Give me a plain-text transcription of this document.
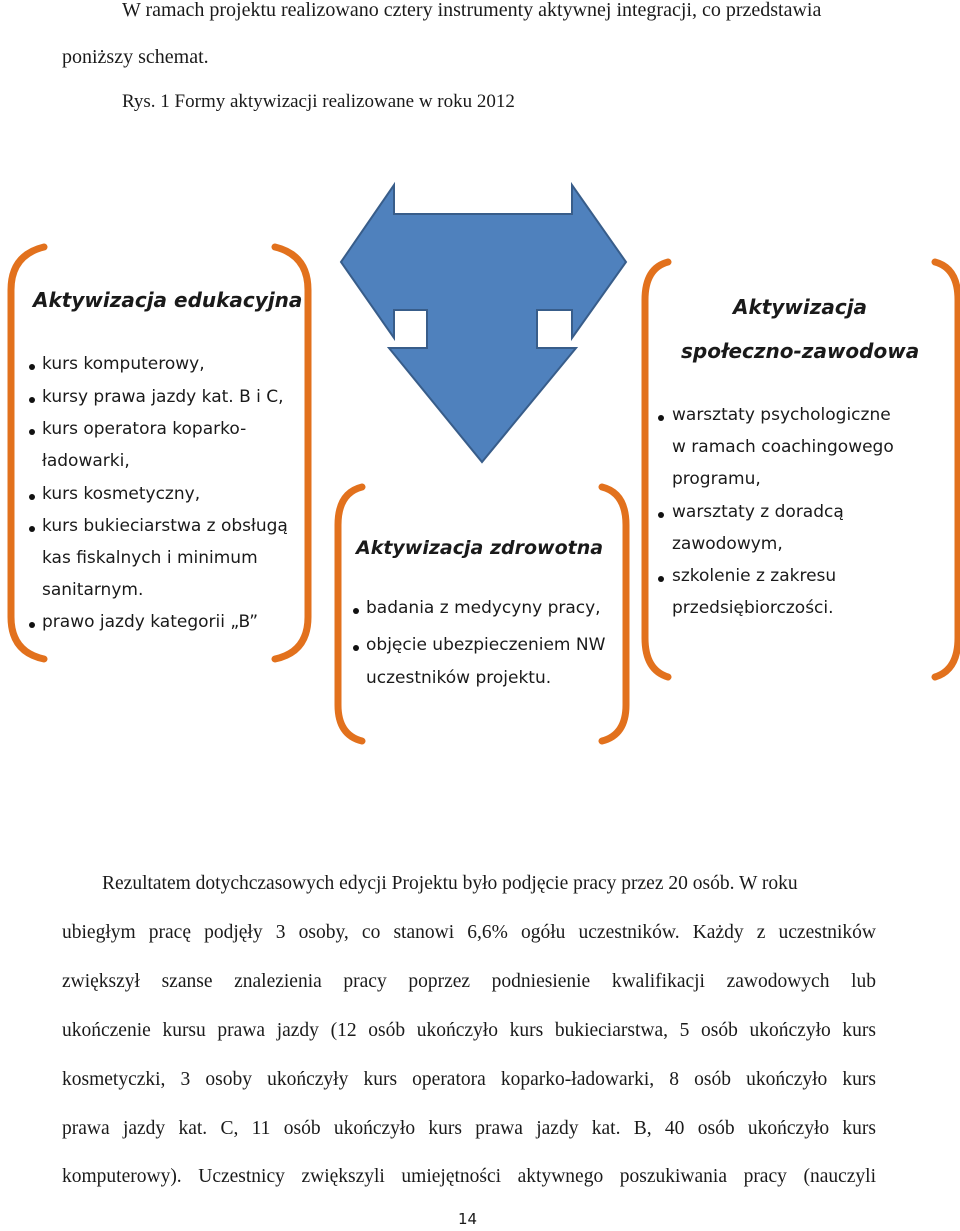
W ramach projektu realizowano cztery instrumenty aktywnej integracji, co przedstawia
poniższy schemat.
Rys. 1 Formy aktywizacji realizowane w roku 2012
Aktywizacja edukacyjna
kurs komputerowy,
kursy prawa jazdy kat. B i C,
kurs operatora koparko-
ładowarki,
kurs kosmetyczny,
kurs bukieciarstwa z obsługą
kas fiskalnych i minimum
sanitarnym.
prawo jazdy kategorii „B”
Aktywizacja zdrowotna
badania z medycyny pracy,
objęcie ubezpieczeniem NW
uczestników projektu.
Aktywizacja
społeczno-zawodowa
warsztaty psychologiczne
w ramach coachingowego
programu,
warsztaty z doradcą
zawodowym,
szkolenie z zakresu
przedsiębiorczości.
Rezultatem dotychczasowych edycji Projektu było podjęcie pracy przez 20 osób. W roku
ubiegłym pracę podjęły 3 osoby, co stanowi 6,6% ogółu uczestników. Każdy z uczestników
zwiększył szanse znalezienia pracy poprzez podniesienie kwalifikacji zawodowych lub
ukończenie kursu prawa jazdy (12 osób ukończyło kurs bukieciarstwa, 5 osób ukończyło kurs
kosmetyczki, 3 osoby ukończyły kurs operatora koparko-ładowarki, 8 osób ukończyło kurs
prawa jazdy kat. C, 11 osób ukończyło kurs prawa jazdy kat. B, 40 osób ukończyło kurs
komputerowy). Uczestnicy zwiększyli umiejętności aktywnego poszukiwania pracy (nauczyli
14
